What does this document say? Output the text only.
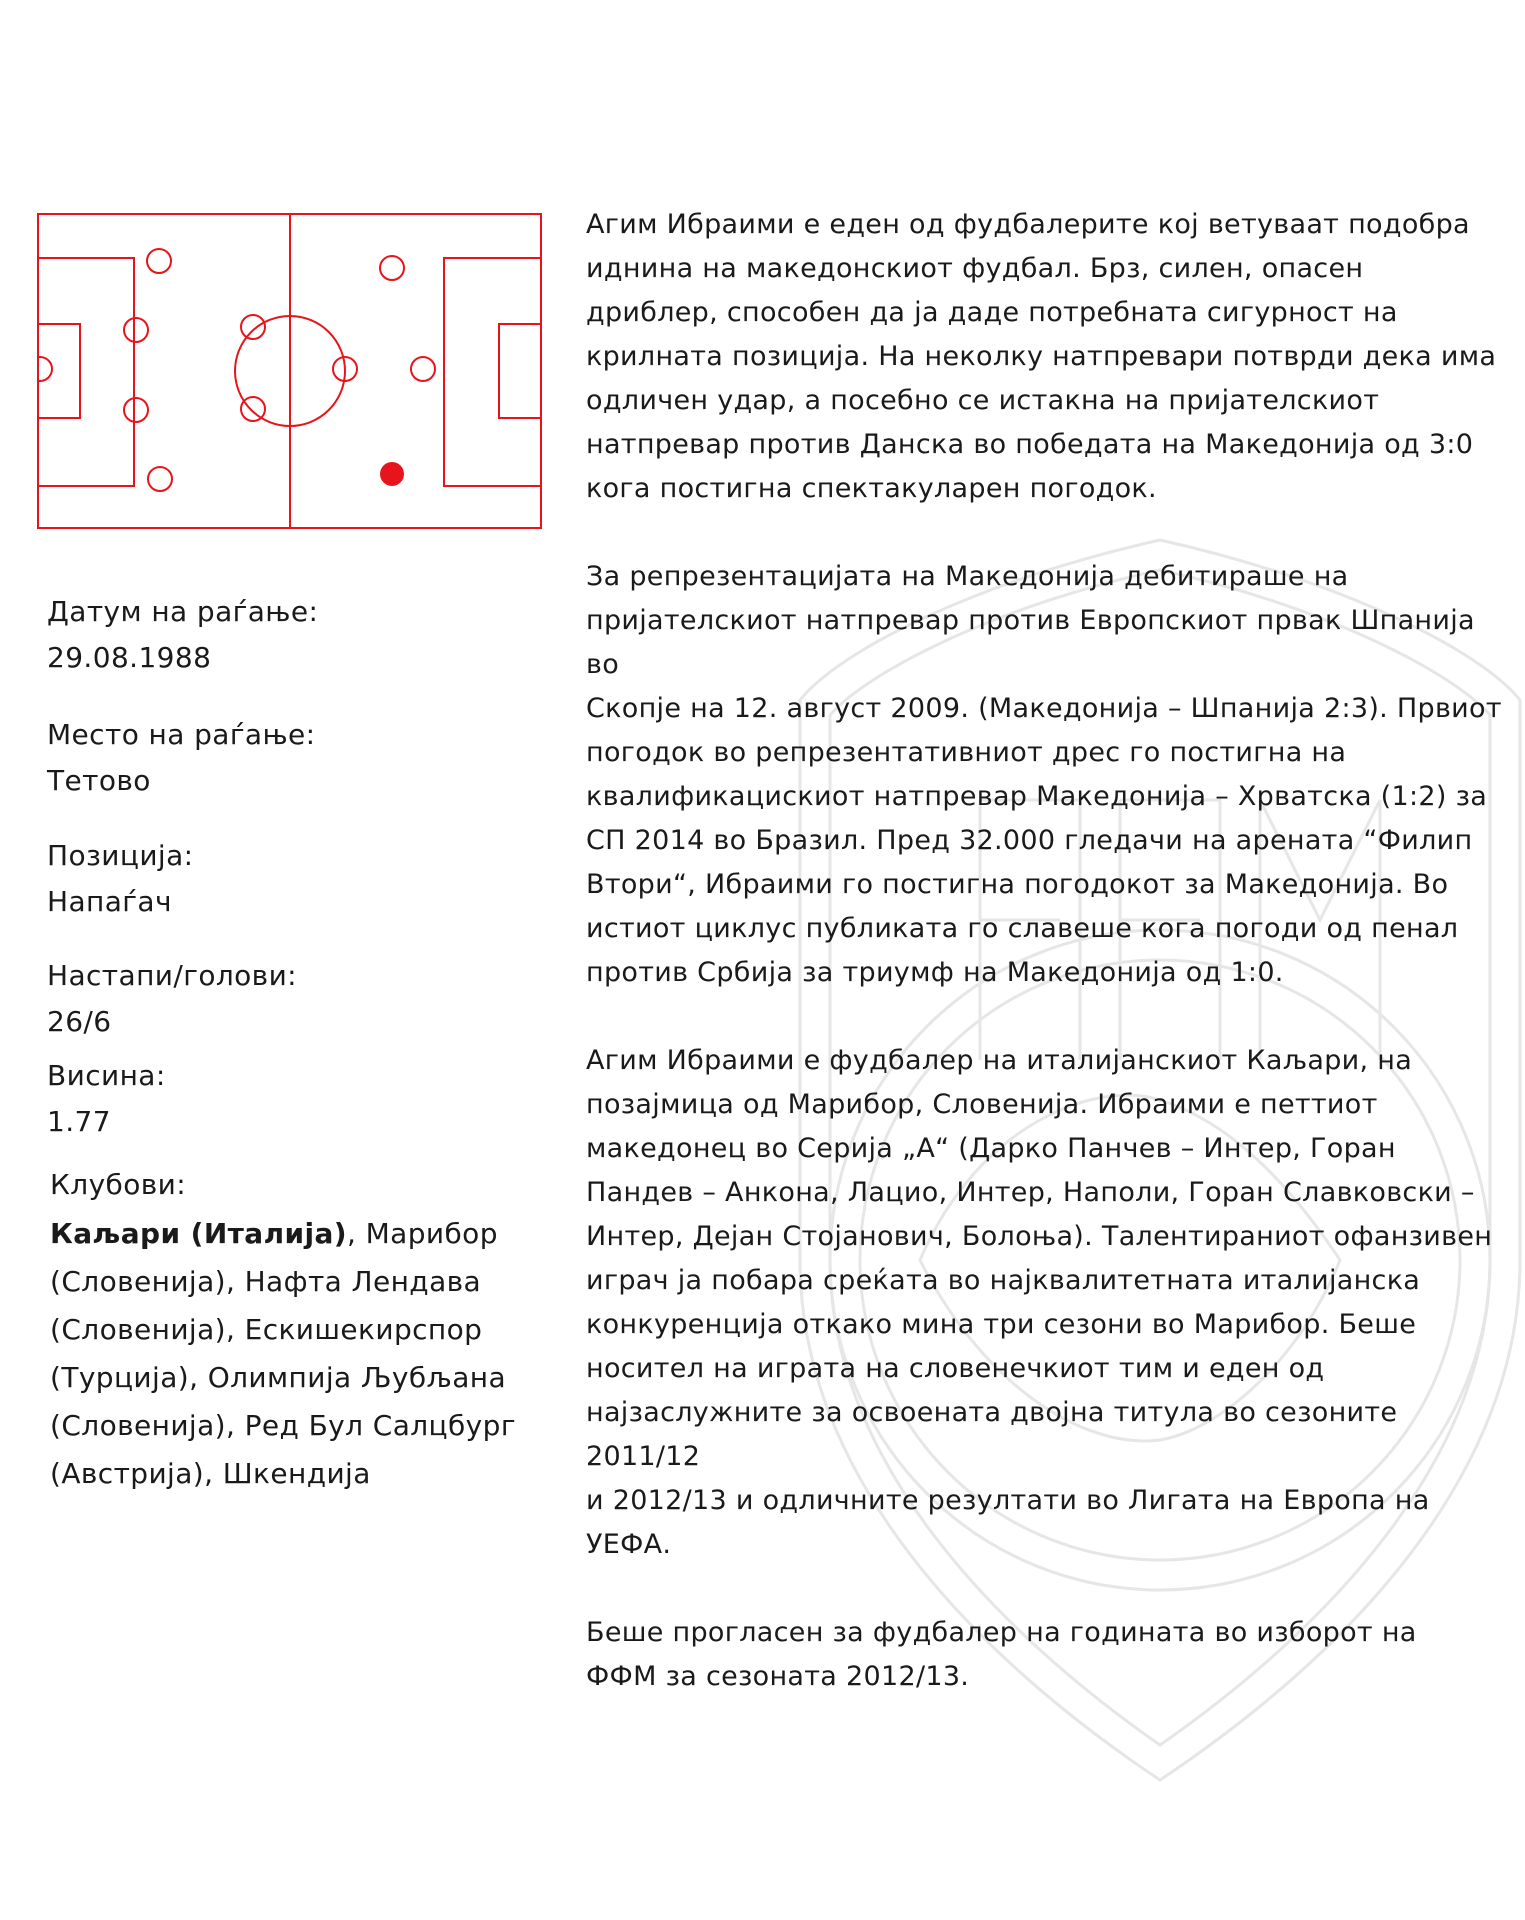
Датум на раѓање:
29.08.1988
Место на раѓање:
Тетово
Позиција:
Напаѓач
Настапи/голови:
26/6
Висина:
1.77
Клубови:
Каљари (Италија), Марибор (Словенија), Нафта Лендава (Словенија), Ескишекирспор (Турција), Олимпија Љубљана (Словенија), Ред Бул Салцбург (Австрија), Шкендија

Агим Ибраими е еден од фудбалерите кој ветуваат подобра
иднина на македонскиот фудбал. Брз, силен, опасен
дриблер, способен да ја даде потребната сигурност на
крилната позиција. На неколку натпревари потврди дека има
одличен удар, а посебно се истакна на пријателскиот
натпревар против Данска во победата на Македонија од 3:0
кога постигна спектакуларен погодок.

За репрезентацијата на Македонија дебитираше на
пријателскиот натпревар против Европскиот првак Шпанија во
Скопје на 12. август 2009. (Македонија – Шпанија 2:3). Првиот
погодок во репрезентативниот дрес го постигна на
квалификацискиот натпревар Македонија – Хрватска (1:2) за
СП 2014 во Бразил. Пред 32.000 гледачи на арената “Филип
Втори“, Ибраими го постигна погодокот за Македонија. Во
истиот циклус публиката го славеше кога погоди од пенал
против Србија за триумф на Македонија од 1:0.

Агим Ибраими е фудбалер на италијанскиот Каљари, на
позајмица од Марибор, Словенија. Ибраими е петтиот
македонец во Серија „А“ (Дарко Панчев – Интер, Горан
Пандев – Анкона, Лацио, Интер, Наполи, Горан Славковски –
Интер, Дејан Стојанович, Болоња). Талентираниот офанзивен
играч ја побара среќата во најквалитетната италијанска
конкуренција откако мина три сезони во Марибор. Беше
носител на играта на словенечкиот тим и еден од
најзаслужните за освоената двојна титула во сезоните 2011/12
и 2012/13 и одличните резултати во Лигата на Европа на УЕФА.

Беше прогласен за фудбалер на годината во изборот на
ФФМ за сезоната 2012/13.
